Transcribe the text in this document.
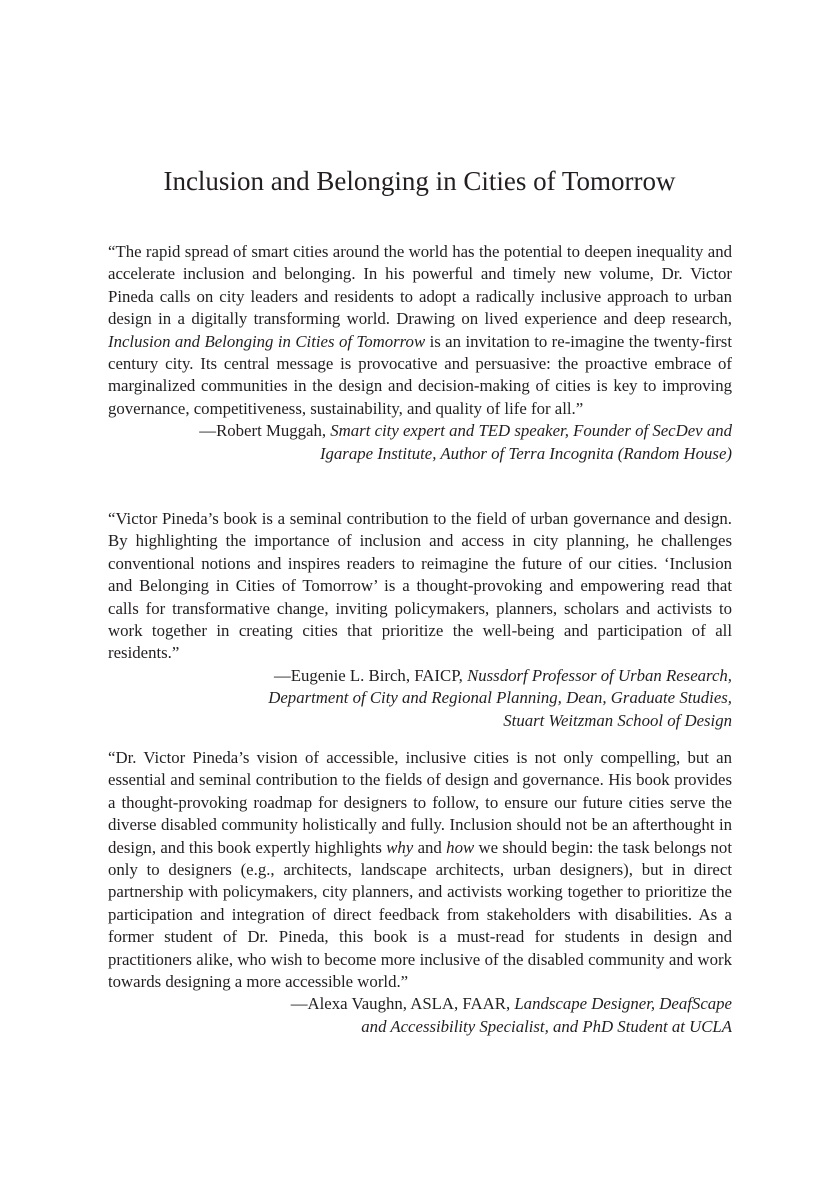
Inclusion and Belonging in Cities of Tomorrow

“The rapid spread of smart cities around the world has the potential to deepen inequality and accelerate inclusion and belonging. In his powerful and timely new volume, Dr. Victor Pineda calls on city leaders and residents to adopt a radically inclusive approach to urban design in a digitally transforming world. Drawing on lived experience and deep research, Inclusion and Belonging in Cities of Tomorrow is an invitation to re-imagine the twenty-first century city. Its central message is provocative and persuasive: the proactive embrace of marginalized communities in the design and decision-making of cities is key to improving governance, competitiveness, sustainability, and quality of life for all.”

—Robert Muggah, Smart city expert and TED speaker, Founder of SecDev and
Igarape Institute, Author of Terra Incognita (Random House)

“Victor Pineda’s book is a seminal contribution to the field of urban governance and design. By highlighting the importance of inclusion and access in city planning, he challenges conventional notions and inspires readers to reimagine the future of our cities. ‘Inclusion and Belonging in Cities of Tomorrow’ is a thought-provoking and empowering read that calls for transformative change, inviting policymakers, planners, scholars and activists to work together in creating cities that prioritize the well-being and participation of all residents.”

—Eugenie L. Birch, FAICP, Nussdorf Professor of Urban Research,
Department of City and Regional Planning, Dean, Graduate Studies,
Stuart Weitzman School of Design

“Dr. Victor Pineda’s vision of accessible, inclusive cities is not only compelling, but an essential and seminal contribution to the fields of design and governance. His book provides a thought-provoking roadmap for designers to follow, to ensure our future cities serve the diverse disabled community holistically and fully. Inclusion should not be an afterthought in design, and this book expertly highlights why and how we should begin: the task belongs not only to designers (e.g., architects, landscape architects, urban designers), but in direct partnership with policymakers, city planners, and activists working together to prioritize the participation and integration of direct feedback from stakeholders with disabilities. As a former student of Dr. Pineda, this book is a must-read for students in design and practitioners alike, who wish to become more inclusive of the disabled community and work towards designing a more accessible world.”

—Alexa Vaughn, ASLA, FAAR, Landscape Designer, DeafScape
and Accessibility Specialist, and PhD Student at UCLA
